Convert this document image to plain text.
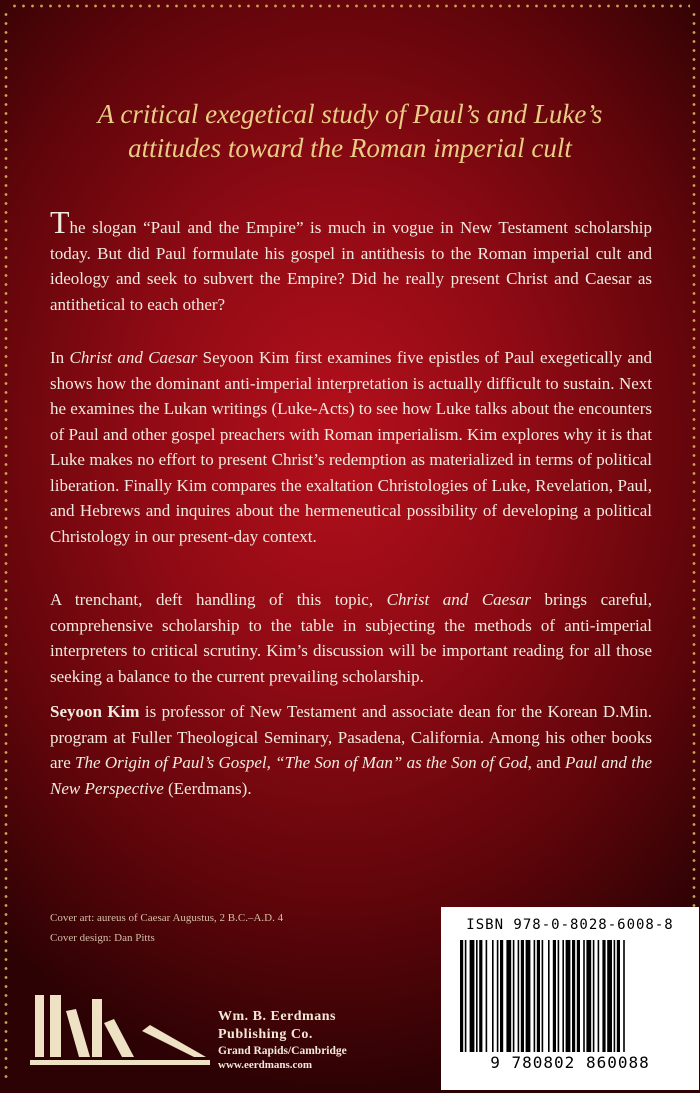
A critical exegetical study of Paul’s and Luke’s
attitudes toward the Roman imperial cult
The slogan “Paul and the Empire” is much in vogue in New Testament scholarship today. But did Paul formulate his gospel in antithesis to the Roman imperial cult and ideology and seek to subvert the Empire? Did he really present Christ and Caesar as antithetical to each other?
In Christ and Caesar Seyoon Kim first examines five epistles of Paul exegetically and shows how the dominant anti-imperial interpretation is actually difficult to sustain. Next he examines the Lukan writings (Luke-Acts) to see how Luke talks about the encounters of Paul and other gospel preachers with Roman imperialism. Kim explores why it is that Luke makes no effort to present Christ’s redemption as materialized in terms of political liberation. Finally Kim compares the exaltation Christologies of Luke, Revelation, Paul, and Hebrews and inquires about the hermeneutical possibility of developing a political Christology in our present-day context.
A trenchant, deft handling of this topic, Christ and Caesar brings careful, comprehensive scholarship to the table in subjecting the methods of anti-imperial interpreters to critical scrutiny. Kim’s discussion will be important reading for all those seeking a balance to the current prevailing scholarship.
Seyoon Kim is professor of New Testament and associate dean for the Korean D.Min. program at Fuller Theological Seminary, Pasadena, California. Among his other books are The Origin of Paul’s Gospel, “The Son of Man” as the Son of God, and Paul and the New Perspective (Eerdmans).
Cover art: aureus of Caesar Augustus, 2 B.C.–A.D. 4
Cover design: Dan Pitts
Wm. B. Eerdmans
Publishing Co.
Grand Rapids/Cambridge
www.eerdmans.com
ISBN 978-0-8028-6008-8
9 780802 860088
